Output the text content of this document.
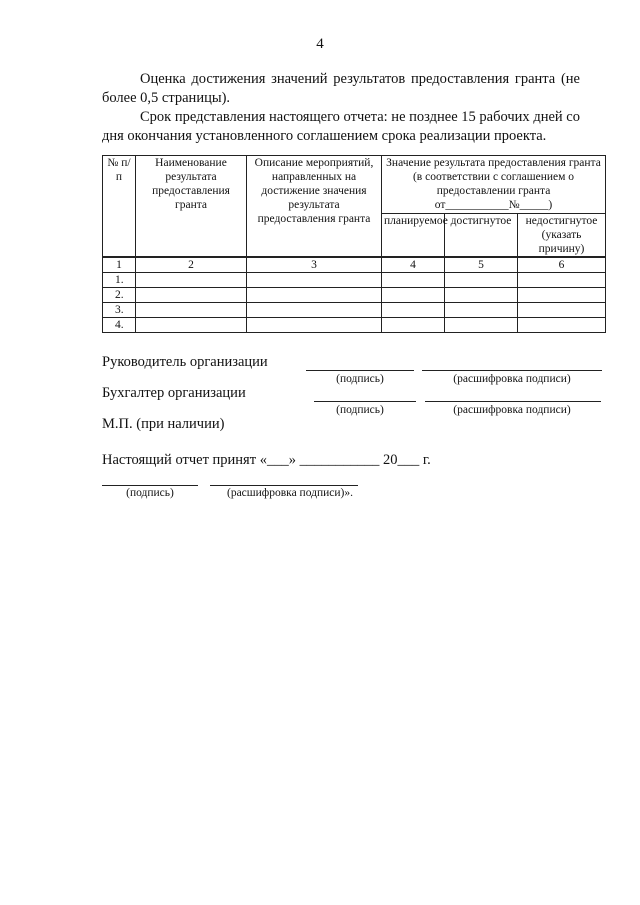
4
Оценка достижения значений результатов предоставления гранта (не более 0,5 страницы).
Срок представления настоящего отчета: не позднее 15 рабочих дней со дня окончания установленного соглашением срока реализации проекта.
№ п/п	Наименование результата предоставления гранта	Описание мероприятий, направленных на достижение значения результата предоставления гранта	Значение результата предоставления гранта (в соответствии с соглашением о предоставлении гранта
от___________№_____)		

			планируемое	достигнутое	недостигнутое (указать причину)
1	2	3	4	5	6
1.					
2.					
3.					
4.					
Руководитель организации
(подпись)	(расшифровка подписи)
Бухгалтер организации
(подпись)	(расшифровка подписи)
М.П. (при наличии)
Настоящий отчет принят «___» ___________ 20___ г.
(подпись)	(расшифровка подписи)».
